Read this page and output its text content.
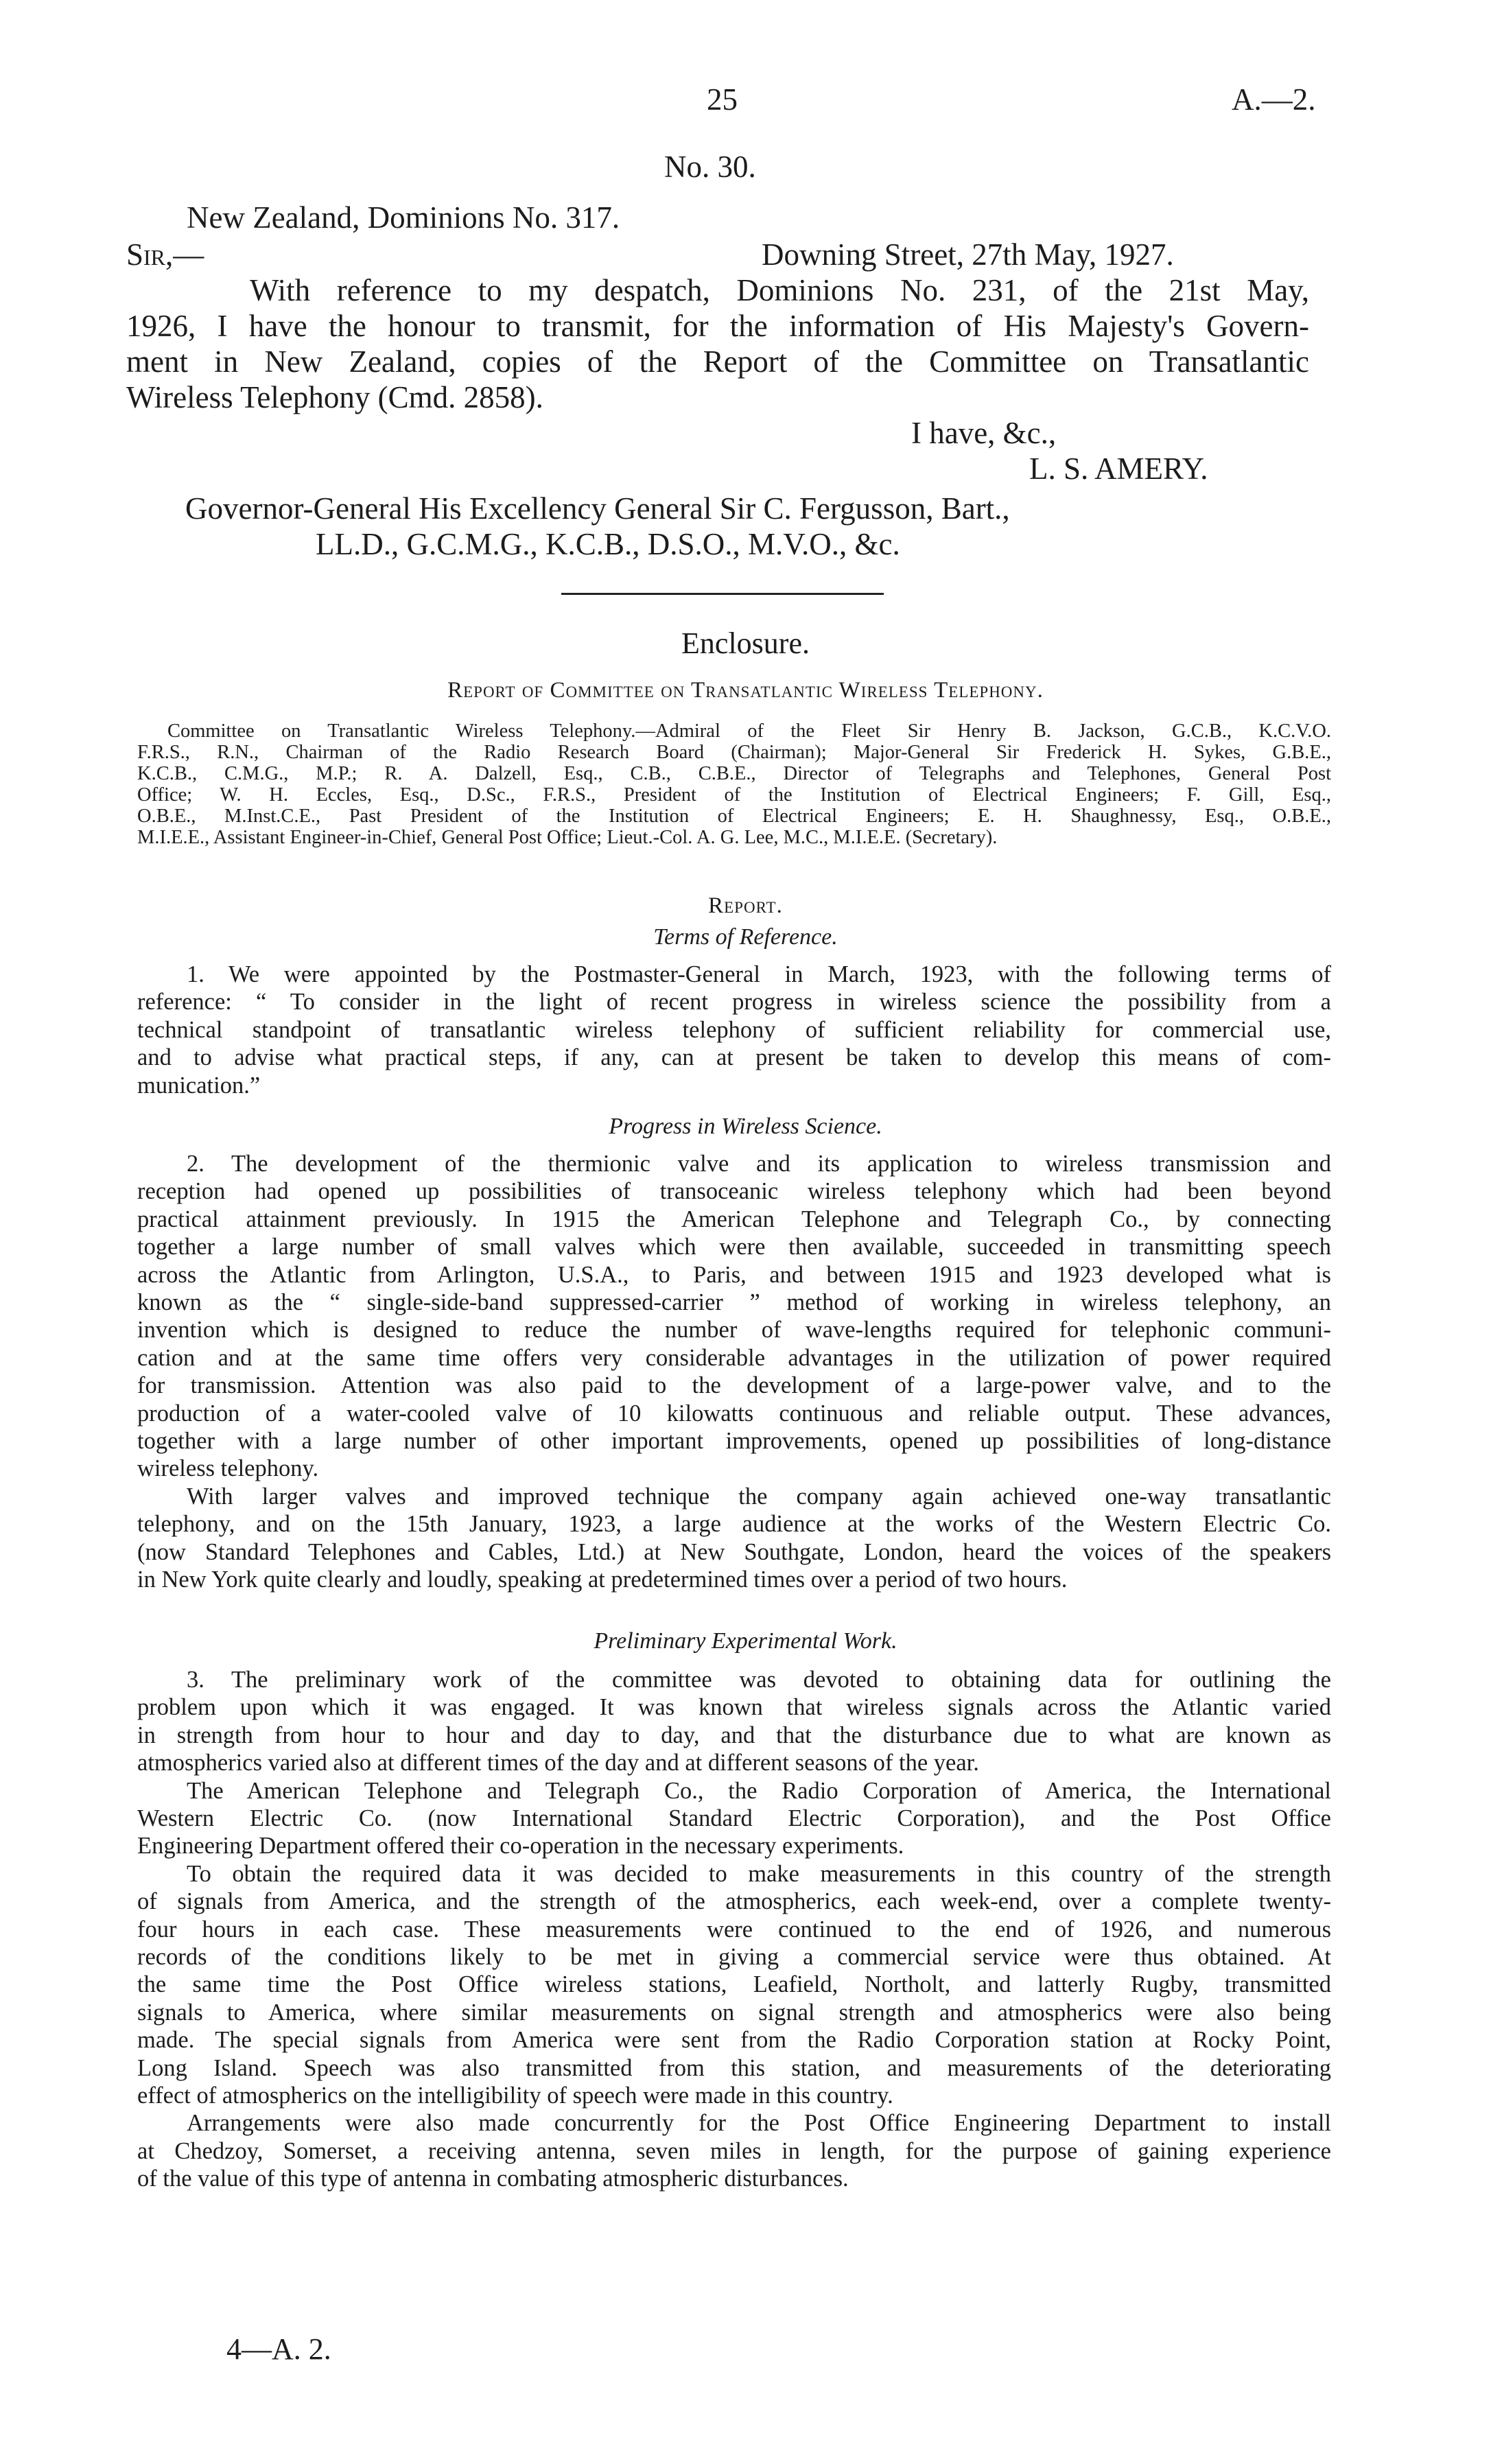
25	A.—2.
No. 30.
New Zealand, Dominions No. 317.
Sir,—	Downing Street, 27th May, 1927.
With reference to my despatch, Dominions No. 231, of the 21st May,
1926, I have the honour to transmit, for the information of His Majesty's Govern-
ment in New Zealand, copies of the Report of the Committee on Transatlantic
Wireless Telephony (Cmd. 2858).
I have, &c.,
L. S. AMERY.
Governor-General His Excellency General Sir C. Fergusson, Bart.,
LL.D., G.C.M.G., K.C.B., D.S.O., M.V.O., &c.
Enclosure.
Report of Committee on Transatlantic Wireless Telephony.
Committee on Transatlantic Wireless Telephony.—Admiral of the Fleet Sir Henry B. Jackson, G.C.B., K.C.V.O.
F.R.S., R.N., Chairman of the Radio Research Board (Chairman); Major-General Sir Frederick H. Sykes, G.B.E.,
K.C.B., C.M.G., M.P.; R. A. Dalzell, Esq., C.B., C.B.E., Director of Telegraphs and Telephones, General Post
Office; W. H. Eccles, Esq., D.Sc., F.R.S., President of the Institution of Electrical Engineers; F. Gill, Esq.,
O.B.E., M.Inst.C.E., Past President of the Institution of Electrical Engineers; E. H. Shaughnessy, Esq., O.B.E.,
M.I.E.E., Assistant Engineer-in-Chief, General Post Office; Lieut.-Col. A. G. Lee, M.C., M.I.E.E. (Secretary).
Report.
Terms of Reference.
1. We were appointed by the Postmaster-General in March, 1923, with the following terms of
reference: “ To consider in the light of recent progress in wireless science the possibility from a
technical standpoint of transatlantic wireless telephony of sufficient reliability for commercial use,
and to advise what practical steps, if any, can at present be taken to develop this means of com-
munication.”
Progress in Wireless Science.
2. The development of the thermionic valve and its application to wireless transmission and
reception had opened up possibilities of transoceanic wireless telephony which had been beyond
practical attainment previously. In 1915 the American Telephone and Telegraph Co., by connecting
together a large number of small valves which were then available, succeeded in transmitting speech
across the Atlantic from Arlington, U.S.A., to Paris, and between 1915 and 1923 developed what is
known as the “ single-side-band suppressed-carrier ” method of working in wireless telephony, an
invention which is designed to reduce the number of wave-lengths required for telephonic communi-
cation and at the same time offers very considerable advantages in the utilization of power required
for transmission. Attention was also paid to the development of a large-power valve, and to the
production of a water-cooled valve of 10 kilowatts continuous and reliable output. These advances,
together with a large number of other important improvements, opened up possibilities of long-distance
wireless telephony.
With larger valves and improved technique the company again achieved one-way transatlantic
telephony, and on the 15th January, 1923, a large audience at the works of the Western Electric Co.
(now Standard Telephones and Cables, Ltd.) at New Southgate, London, heard the voices of the speakers
in New York quite clearly and loudly, speaking at predetermined times over a period of two hours.
Preliminary Experimental Work.
3. The preliminary work of the committee was devoted to obtaining data for outlining the
problem upon which it was engaged. It was known that wireless signals across the Atlantic varied
in strength from hour to hour and day to day, and that the disturbance due to what are known as
atmospherics varied also at different times of the day and at different seasons of the year.
The American Telephone and Telegraph Co., the Radio Corporation of America, the International
Western Electric Co. (now International Standard Electric Corporation), and the Post Office
Engineering Department offered their co-operation in the necessary experiments.
To obtain the required data it was decided to make measurements in this country of the strength
of signals from America, and the strength of the atmospherics, each week-end, over a complete twenty-
four hours in each case. These measurements were continued to the end of 1926, and numerous
records of the conditions likely to be met in giving a commercial service were thus obtained. At
the same time the Post Office wireless stations, Leafield, Northolt, and latterly Rugby, transmitted
signals to America, where similar measurements on signal strength and atmospherics were also being
made. The special signals from America were sent from the Radio Corporation station at Rocky Point,
Long Island. Speech was also transmitted from this station, and measurements of the deteriorating
effect of atmospherics on the intelligibility of speech were made in this country.
Arrangements were also made concurrently for the Post Office Engineering Department to install
at Chedzoy, Somerset, a receiving antenna, seven miles in length, for the purpose of gaining experience
of the value of this type of antenna in combating atmospheric disturbances.
4—A. 2.
